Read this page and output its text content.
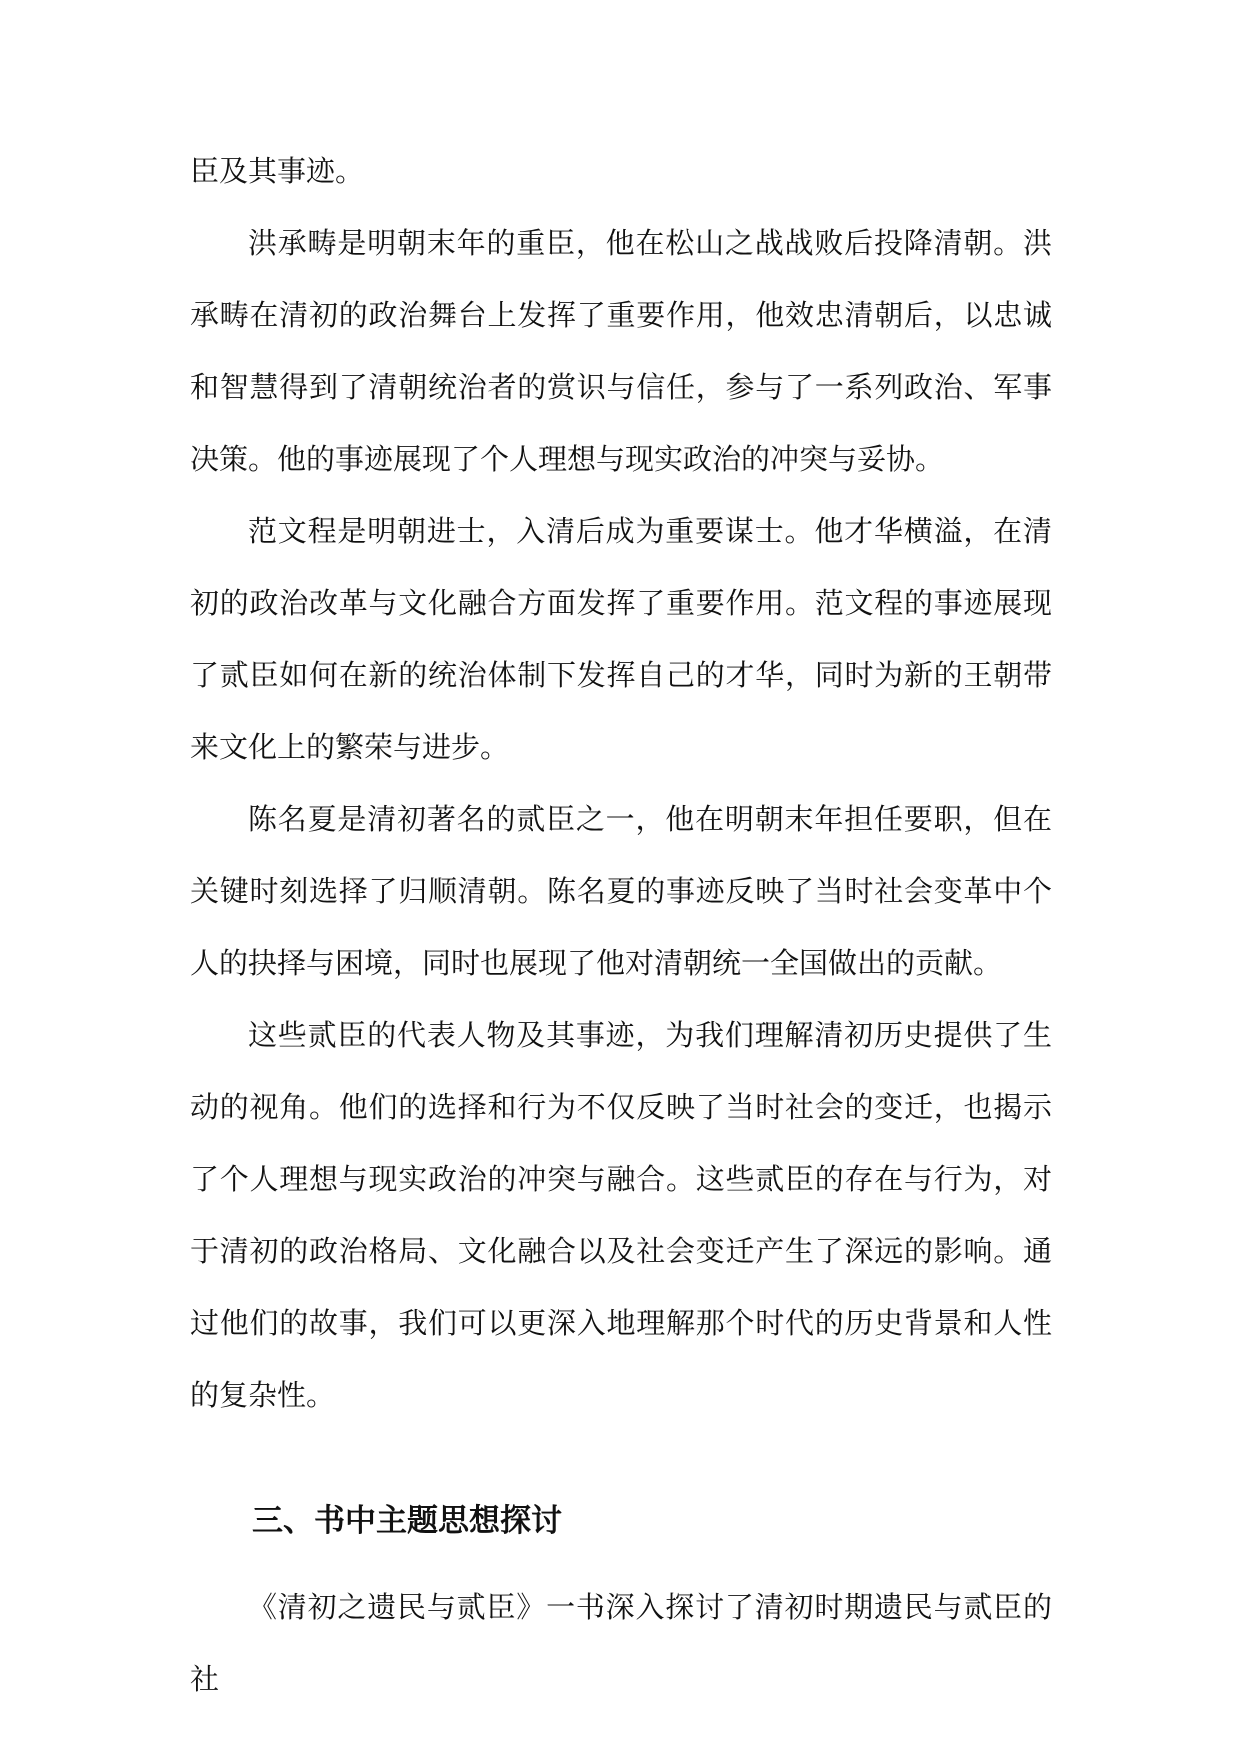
臣及其事迹。

洪承畴是明朝末年的重臣，他在松山之战战败后投降清朝。洪承畴在清初的政治舞台上发挥了重要作用，他效忠清朝后，以忠诚和智慧得到了清朝统治者的赏识与信任，参与了一系列政治、军事决策。他的事迹展现了个人理想与现实政治的冲突与妥协。

范文程是明朝进士，入清后成为重要谋士。他才华横溢，在清初的政治改革与文化融合方面发挥了重要作用。范文程的事迹展现了贰臣如何在新的统治体制下发挥自己的才华，同时为新的王朝带来文化上的繁荣与进步。

陈名夏是清初著名的贰臣之一，他在明朝末年担任要职，但在关键时刻选择了归顺清朝。陈名夏的事迹反映了当时社会变革中个人的抉择与困境，同时也展现了他对清朝统一全国做出的贡献。

这些贰臣的代表人物及其事迹，为我们理解清初历史提供了生动的视角。他们的选择和行为不仅反映了当时社会的变迁，也揭示了个人理想与现实政治的冲突与融合。这些贰臣的存在与行为，对于清初的政治格局、文化融合以及社会变迁产生了深远的影响。通过他们的故事，我们可以更深入地理解那个时代的历史背景和人性的复杂性。

三、书中主题思想探讨

《清初之遗民与贰臣》一书深入探讨了清初时期遗民与贰臣的社
